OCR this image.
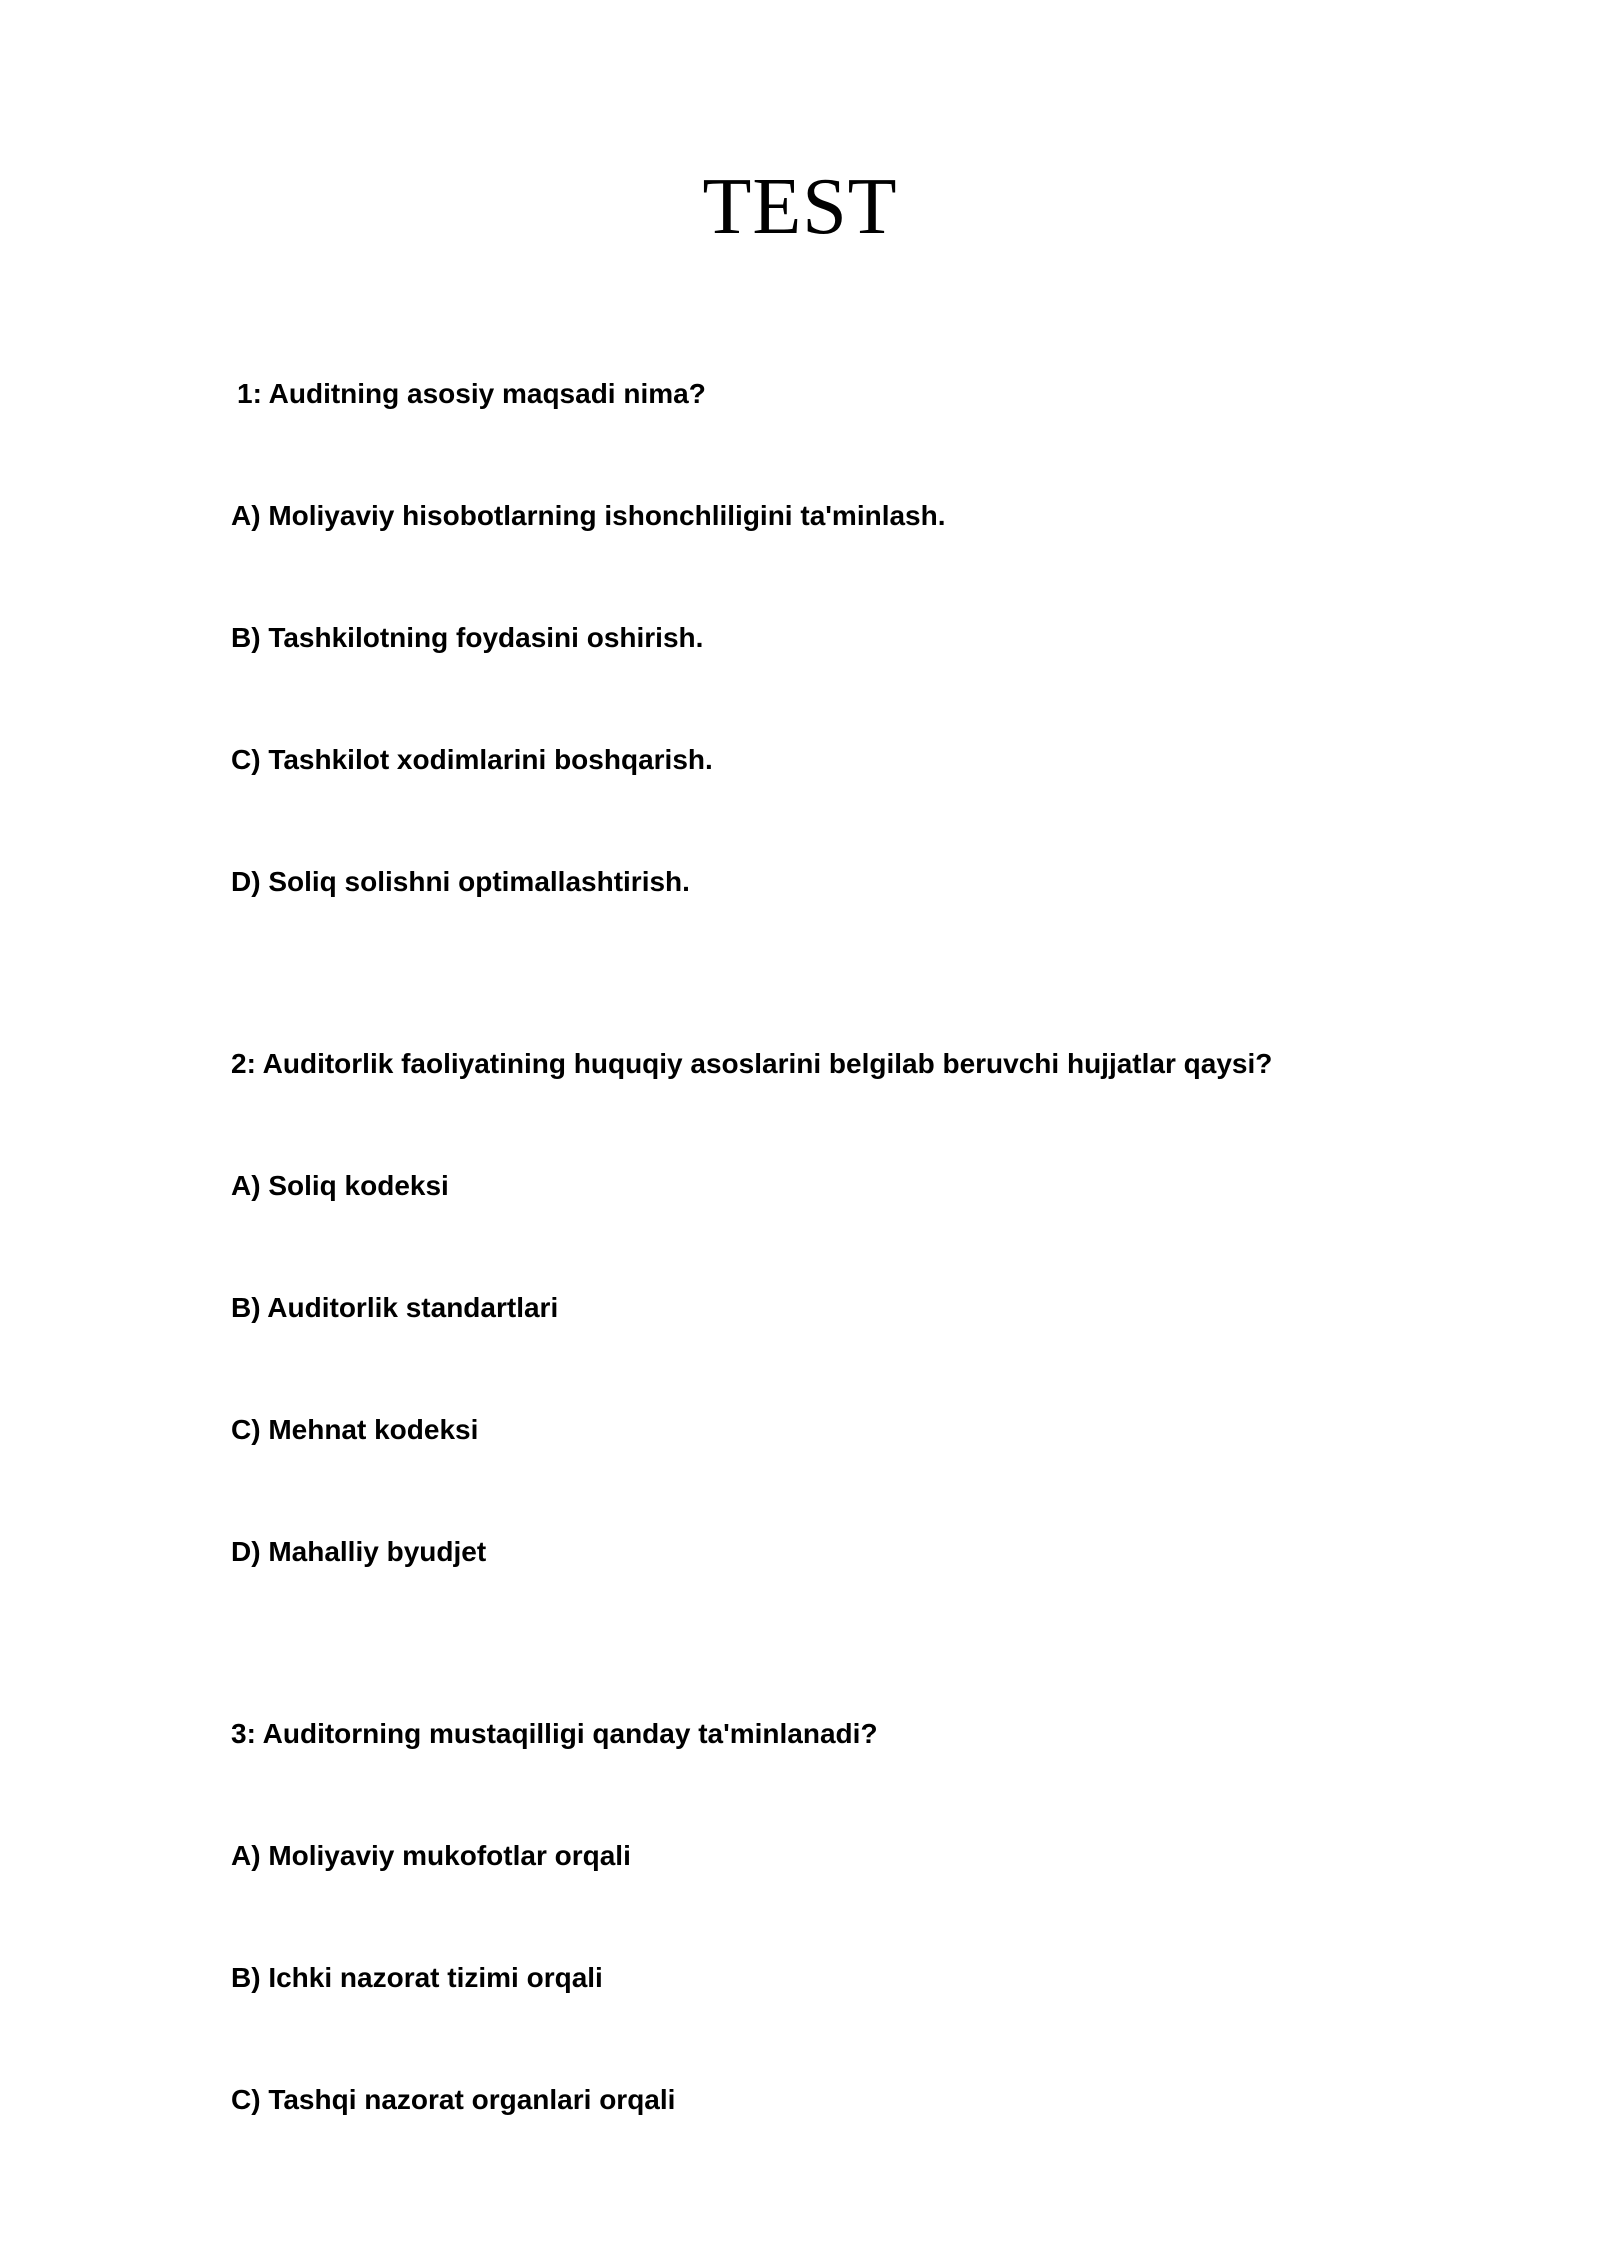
TEST

1: Auditning asosiy maqsadi nima?

A) Moliyaviy hisobotlarning ishonchliligini ta'minlash.

B) Tashkilotning foydasini oshirish.

C) Tashkilot xodimlarini boshqarish.

D) Soliq solishni optimallashtirish.

2: Auditorlik faoliyatining huquqiy asoslarini belgilab beruvchi hujjatlar qaysi?

A) Soliq kodeksi

B) Auditorlik standartlari

C) Mehnat kodeksi

D) Mahalliy byudjet

3: Auditorning mustaqilligi qanday ta'minlanadi?

A) Moliyaviy mukofotlar orqali

B) Ichki nazorat tizimi orqali

C) Tashqi nazorat organlari orqali
